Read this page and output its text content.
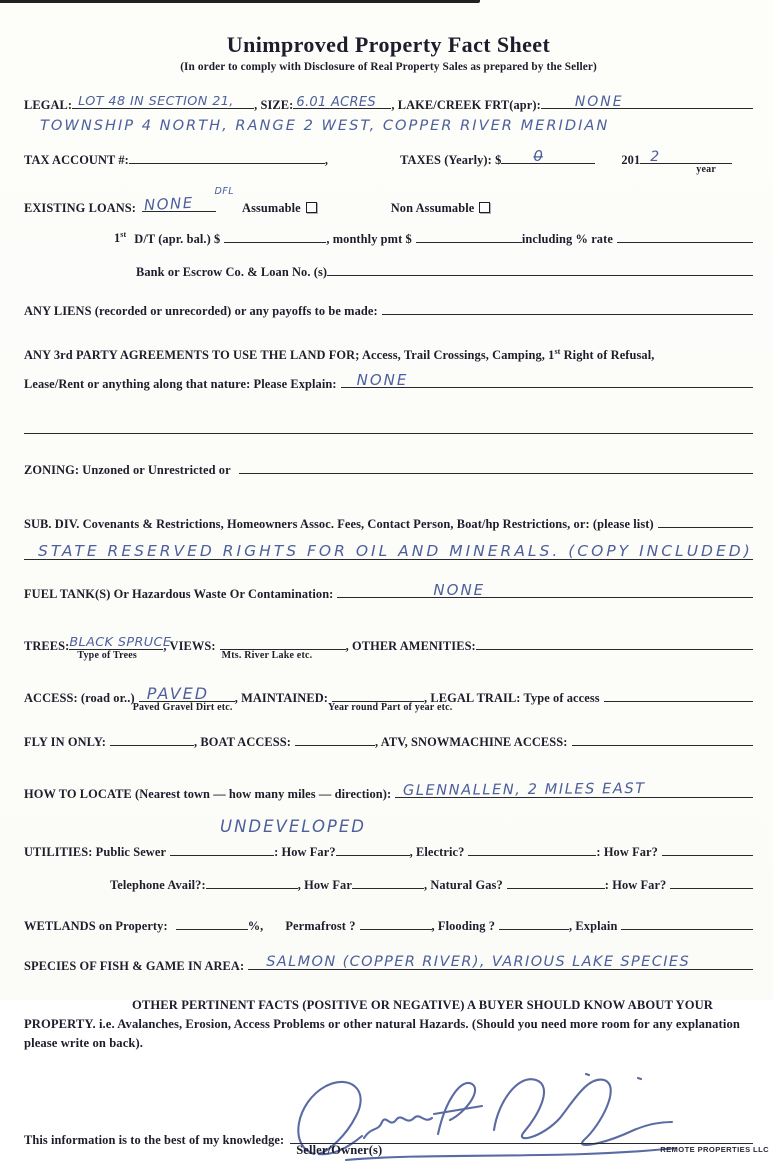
Unimproved Property Fact Sheet
(In order to comply with Disclosure of Real Property Sales as prepared by the Seller)
LEGAL: LOT 48 IN SECTION 21, , SIZE: 6.01 ACRES , LAKE/CREEK FRT(apr): NONE
TOWNSHIP 4 NORTH, RANGE 2 WEST, COPPER RIVER MERIDIAN
TAX ACCOUNT #:	,	TAXES (Yearly): $ 0̶	201 2
year
EXISTING LOANS: NONE
DFL
Assumable	Non Assumable
1st D/T (apr. bal.) $	, monthly pmt $	including % rate
Bank or Escrow Co. & Loan No. (s)
ANY LIENS (recorded or unrecorded) or any payoffs to be made:
ANY 3rd PARTY AGREEMENTS TO USE THE LAND FOR; Access, Trail Crossings, Camping, 1st Right of Refusal,
Lease/Rent or anything along that nature: Please Explain: NONE
ZONING: Unzoned or Unrestricted or
SUB. DIV. Covenants & Restrictions, Homeowners Assoc. Fees, Contact Person, Boat/hp Restrictions, or: (please list)
STATE RESERVED RIGHTS FOR OIL AND MINERALS. (COPY INCLUDED)
FUEL TANK(S) Or Hazardous Waste Or Contamination:	NONE
TREES: BLACK SPRUCE
Type of Trees
, VIEWS:
Mts. River Lake etc.
, OTHER AMENITIES:
ACCESS: (road or..) PAVED
Paved Gravel Dirt etc.
, MAINTAINED:
Year round Part of year etc.
, LEGAL TRAIL: Type of access
FLY IN ONLY:	, BOAT ACCESS:	, ATV, SNOWMACHINE ACCESS:
HOW TO LOCATE (Nearest town — how many miles — direction): GLENNALLEN, 2 MILES EAST
UNDEVELOPED
UTILITIES: Public Sewer	: How Far?	, Electric?	: How Far?
Telephone Avail?:	, How Far	, Natural Gas?	: How Far?
WETLANDS on Property:	%, Permafrost ?	, Flooding ?	, Explain
SPECIES OF FISH & GAME IN AREA: SALMON (COPPER RIVER), VARIOUS LAKE SPECIES
OTHER PERTINENT FACTS (POSITIVE OR NEGATIVE) A BUYER SHOULD KNOW ABOUT YOUR PROPERTY. i.e. Avalanches, Erosion, Access Problems or other natural Hazards. (Should you need more room for any explanation please write on back).
This information is to the best of my knowledge:
Seller/Owner(s)	REMOTE PROPERTIES LLC
